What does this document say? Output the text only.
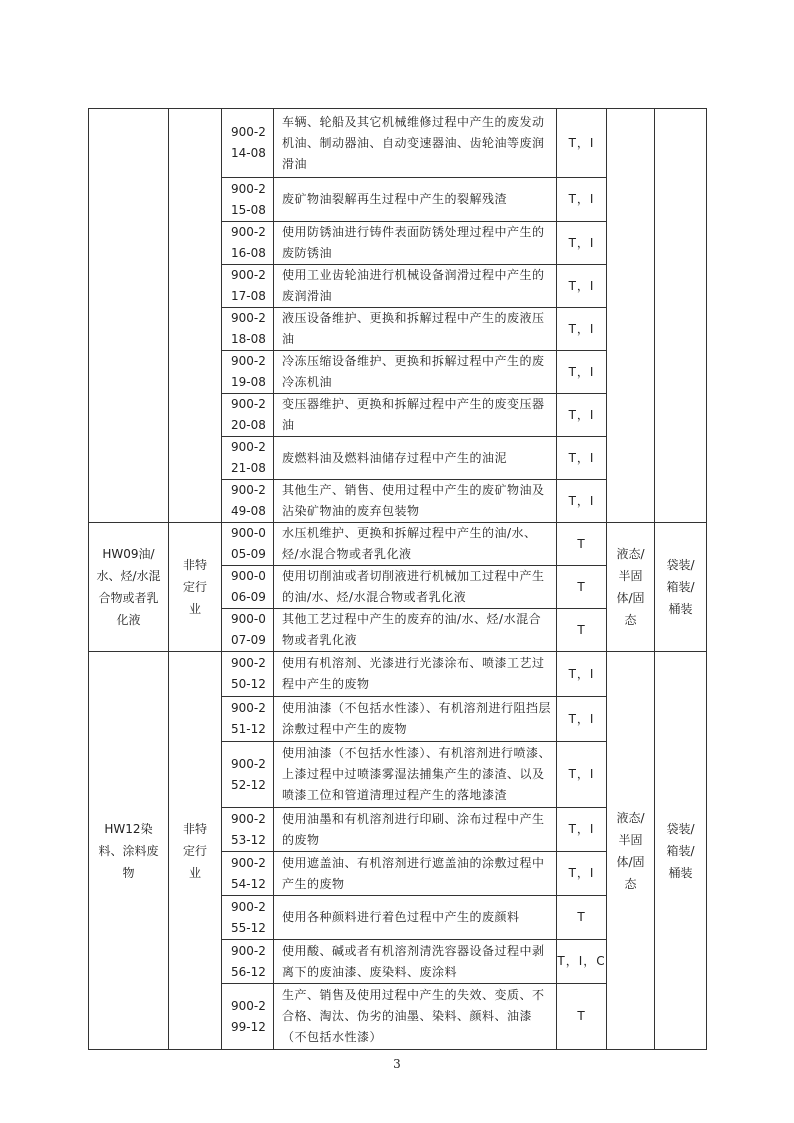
		900-214-08	车辆、轮船及其它机械维修过程中产生的废发动机油、制动器油、自动变速器油、齿轮油等废润滑油	T，I		
		900-215-08	废矿物油裂解再生过程中产生的裂解残渣	T，I		
		900-216-08	使用防锈油进行铸件表面防锈处理过程中产生的废防锈油	T，I		
		900-217-08	使用工业齿轮油进行机械设备润滑过程中产生的废润滑油	T，I		
		900-218-08	液压设备维护、更换和拆解过程中产生的废液压油	T，I		
		900-219-08	冷冻压缩设备维护、更换和拆解过程中产生的废冷冻机油	T，I		
		900-220-08	变压器维护、更换和拆解过程中产生的废变压器油	T，I		
		900-221-08	废燃料油及燃料油储存过程中产生的油泥	T，I		
		900-249-08	其他生产、销售、使用过程中产生的废矿物油及沾染矿物油的废弃包装物	T，I		
HW09油/水、烃/水混合物或者乳化液	非特定行业	900-005-09	水压机维护、更换和拆解过程中产生的油/水、烃/水混合物或者乳化液	T	液态/半固体/固态	袋装/箱装/桶装
		900-006-09	使用切削油或者切削液进行机械加工过程中产生的油/水、烃/水混合物或者乳化液	T		
		900-007-09	其他工艺过程中产生的废弃的油/水、烃/水混合物或者乳化液	T		
HW12染料、涂料废物	非特定行业	900-250-12	使用有机溶剂、光漆进行光漆涂布、喷漆工艺过程中产生的废物	T，I	液态/半固体/固态	袋装/箱装/桶装
		900-251-12	使用油漆（不包括水性漆）、有机溶剂进行阻挡层涂敷过程中产生的废物	T，I		
		900-252-12	使用油漆（不包括水性漆）、有机溶剂进行喷漆、上漆过程中过喷漆雾湿法捕集产生的漆渣、以及喷漆工位和管道清理过程产生的落地漆渣	T，I		
		900-253-12	使用油墨和有机溶剂进行印刷、涂布过程中产生的废物	T，I		
		900-254-12	使用遮盖油、有机溶剂进行遮盖油的涂敷过程中产生的废物	T，I		
		900-255-12	使用各种颜料进行着色过程中产生的废颜料	T		
		900-256-12	使用酸、碱或者有机溶剂清洗容器设备过程中剥离下的废油漆、废染料、废涂料	T，I，C		
		900-299-12	生产、销售及使用过程中产生的失效、变质、不合格、淘汰、伪劣的油墨、染料、颜料、油漆（不包括水性漆）	T		
3
